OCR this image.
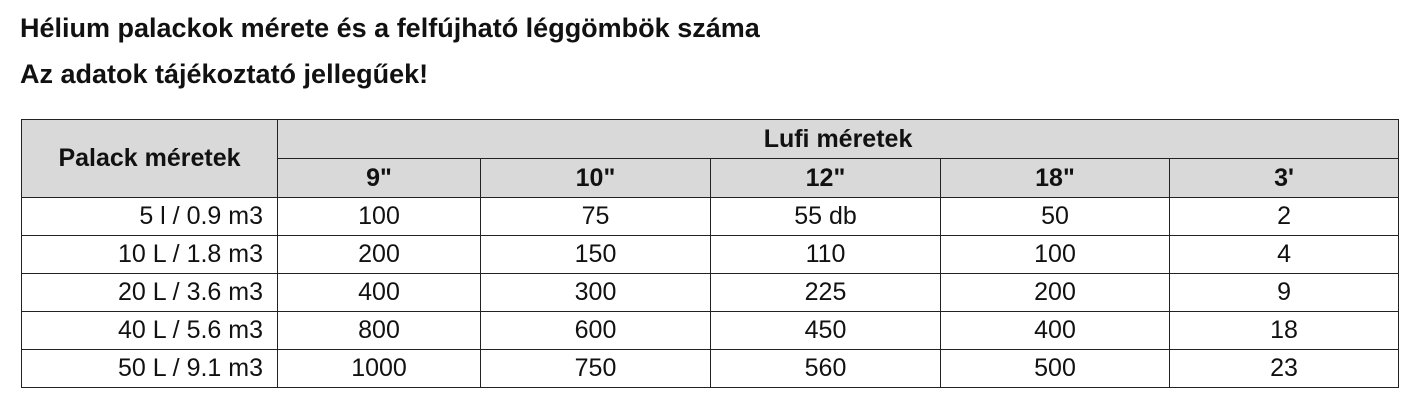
Hélium palackok mérete és a felfújható léggömbök száma
Az adatok tájékoztató jellegűek!
Palack méretek	Lufi méretek				
	9"	10"	12"	18"	3'
5 l / 0.9 m3	100	75	55 db	50	2
10 L / 1.8 m3	200	150	110	100	4
20 L / 3.6 m3	400	300	225	200	9
40 L / 5.6 m3	800	600	450	400	18
50 L / 9.1 m3	1000	750	560	500	23
